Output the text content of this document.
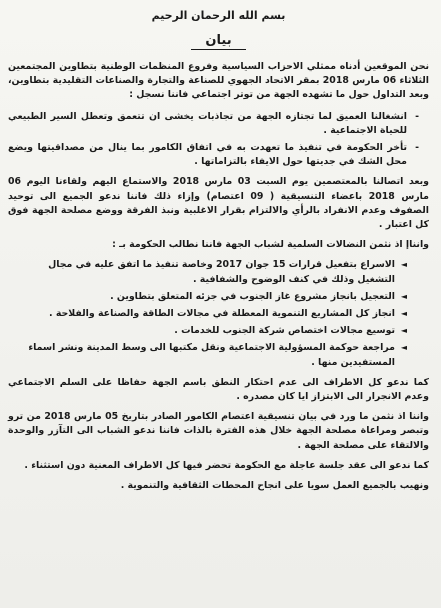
بسم الله الرحمان الرحيم
بيان

نحن الموقعين أدناه ممثلي الاحزاب السياسية وفروع المنظمات الوطنية بتطاوين المجتمعين الثلاثاء 06 مارس 2018 بمقر الاتحاد الجهوي للصناعة والتجارة والصناعات التقليدية بتطاوين، وبعد التداول حول ما تشهده الجهة من توتر اجتماعي فاننا نسجل :

- انشغالنا العميق لما تجتازه الجهة من تجاذبات يخشى ان تتعمق وتعطل السير الطبيعي للحياة الاجتماعية .
- تأخر الحكومة في تنفيذ ما تعهدت به في اتفاق الكامور بما ينال من مصداقيتها ويضع محل الشك في جديتها حول الايفاء بالتزاماتها .

وبعد اتصالنا بالمعتصمين يوم السبت 03 مارس 2018 والاستماع اليهم ولقاءنا اليوم 06 مارس 2018 باعضاء التنسيقية ( 09 اعتصام) وإزاء ذلك فاننا ندعو الجميع الى توحيد الصفوف وعدم الانفراد بالرأي والالتزام بقرار الاغلبية ونبذ الفرقة ووضع مصلحة الجهة فوق كل اعتبار .

وانناإ اذ نثمن النضالات السلمية لشباب الجهة فاننا نطالب الحكومة بـ :

◄
الاسراع بتفعيل قرارات 15 جوان 2017 وخاصة تنفيذ ما اتفق عليه في مجال التشغيل وذلك في كنف الوضوح والشفافية .
◄
التعجيل بانجاز مشروع غاز الجنوب في جزئه المتعلق بتطاوين .
◄
انجاز كل المشاريع التنموية المعطلة في مجالات الطاقة والصناعة والفلاحة .
◄
توسيع مجالات اختصاص شركة الجنوب للخدمات .
◄
مراجعة حوكمة المسؤولية الاجتماعية ونقل مكتبها الى وسط المدينة ونشر اسماء المستفيدين منها .

كما ندعو كل الاطراف الى عدم احتكار النطق باسم الجهة حفاظا على السلم الاجتماعي وعدم الانجرار الى الابتزاز ايا كان مصدره .

واننا اذ نثمن ما ورد في بيان تنسيقية اعتصام الكامور الصادر بتاريخ 05 مارس 2018 من ترو وتبصر ومراعاة مصلحة الجهة خلال هذه الفترة بالذات فاننا ندعو الشباب الى التآزر والوحدة والالتقاء على مصلحة الجهة .

كما ندعو الى عقد جلسة عاجلة مع الحكومة تحضر فيها كل الاطراف المعنية دون استثناء .

ونهيب بالجميع العمل سويا على انجاح المحطات الثقافية والتنموية .
